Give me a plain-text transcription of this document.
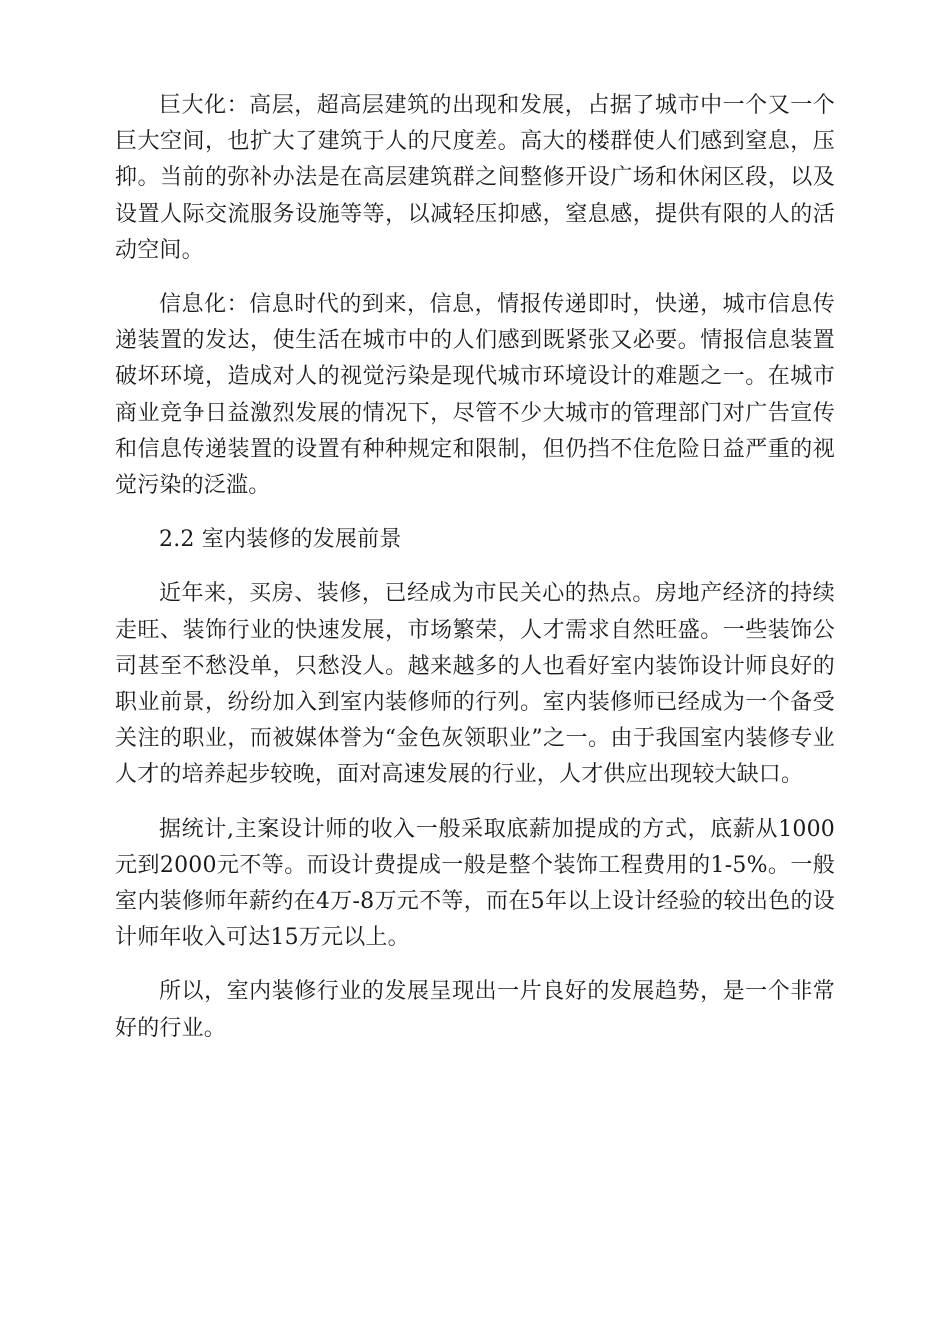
巨大化：高层，超高层建筑的出现和发展，占据了城市中一个又一个巨大空间，也扩大了建筑于人的尺度差。高大的楼群使人们感到窒息，压抑。当前的弥补办法是在高层建筑群之间整修开设广场和休闲区段，以及设置人际交流服务设施等等，以减轻压抑感，窒息感，提供有限的人的活动空间。

信息化：信息时代的到来，信息，情报传递即时，快递，城市信息传递装置的发达，使生活在城市中的人们感到既紧张又必要。情报信息装置破坏环境，造成对人的视觉污染是现代城市环境设计的难题之一。在城市商业竞争日益激烈发展的情况下，尽管不少大城市的管理部门对广告宣传和信息传递装置的设置有种种规定和限制，但仍挡不住危险日益严重的视觉污染的泛滥。

2.2 室内装修的发展前景

近年来，买房、装修，已经成为市民关心的热点。房地产经济的持续走旺、装饰行业的快速发展，市场繁荣，人才需求自然旺盛。一些装饰公司甚至不愁没单，只愁没人。越来越多的人也看好室内装饰设计师良好的职业前景，纷纷加入到室内装修师的行列。室内装修师已经成为一个备受关注的职业，而被媒体誉为“金色灰领职业”之一。由于我国室内装修专业人才的培养起步较晚，面对高速发展的行业，人才供应出现较大缺口。

据统计,主案设计师的收入一般采取底薪加提成的方式，底薪从1000元到2000元不等。而设计费提成一般是整个装饰工程费用的1-5%。一般室内装修师年薪约在4万-8万元不等，而在5年以上设计经验的较出色的设计师年收入可达15万元以上。

所以，室内装修行业的发展呈现出一片良好的发展趋势，是一个非常好的行业。
